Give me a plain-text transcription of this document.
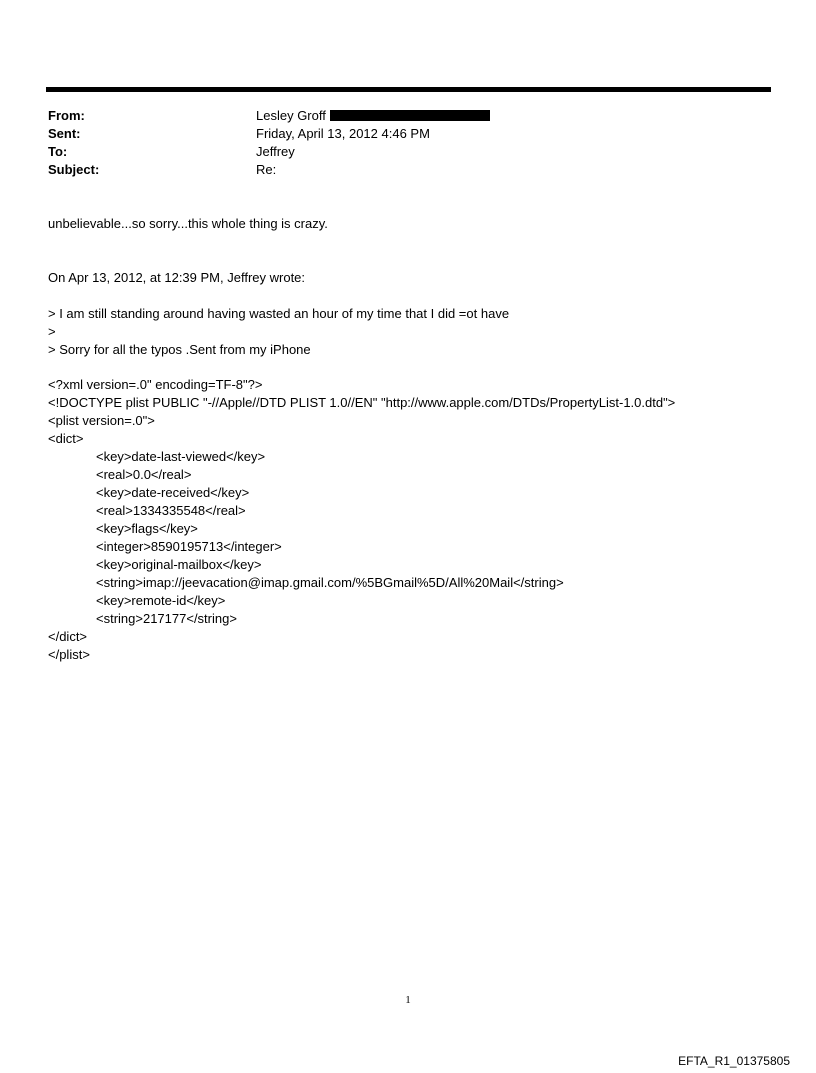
From:	Lesley Groff
Sent:	Friday, April 13, 2012 4:46 PM
To:	Jeffrey
Subject:	Re:
unbelievable...so sorry...this whole thing is crazy.
On Apr 13, 2012, at 12:39 PM, Jeffrey wrote:
> I am still standing around having wasted an hour of my time that I did =ot have
>
> Sorry for all the typos .Sent from my iPhone
<?xml version=.0" encoding=TF-8"?>
<!DOCTYPE plist PUBLIC "-//Apple//DTD PLIST 1.0//EN" "http://www.apple.com/DTDs/PropertyList-1.0.dtd">
<plist version=.0">
<dict>
<key>date-last-viewed</key>
<real>0.0</real>
<key>date-received</key>
<real>1334335548</real>
<key>flags</key>
<integer>8590195713</integer>
<key>original-mailbox</key>
<string>imap://jeevacation@imap.gmail.com/%5BGmail%5D/All%20Mail</string>
<key>remote-id</key>
<string>217177</string>
</dict>
</plist>
1
EFTA_R1_01375805
